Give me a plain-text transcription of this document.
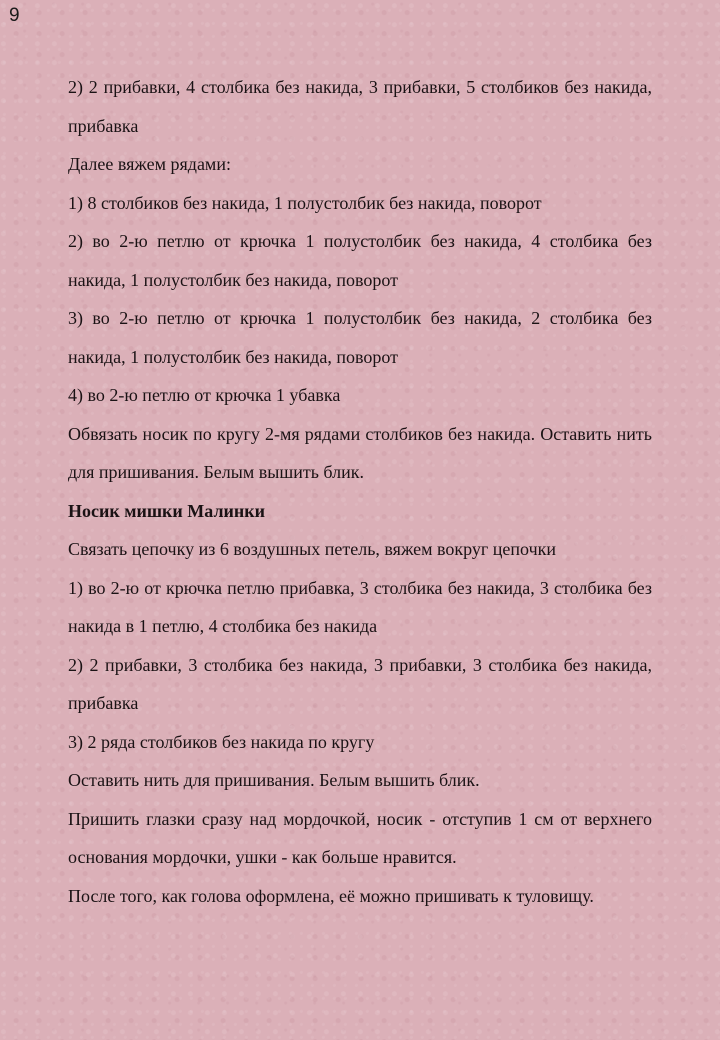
9

2) 2 прибавки, 4 столбика без накида, 3 прибавки, 5 столбиков без накида, прибавка

Далее вяжем рядами:

1) 8 столбиков без накида, 1 полустолбик без накида, поворот

2) во 2-ю петлю от крючка 1 полустолбик без накида, 4 столбика без накида, 1 полустолбик без накида, поворот

3) во 2-ю петлю от крючка 1 полустолбик без накида, 2 столбика без накида, 1 полустолбик без накида, поворот

4) во 2-ю петлю от крючка 1 убавка

Обвязать носик по кругу 2-мя рядами столбиков без накида. Оставить нить для пришивания. Белым вышить блик.

Носик мишки Малинки

Связать цепочку из 6 воздушных петель, вяжем вокруг цепочки

1) во 2-ю от крючка петлю прибавка, 3 столбика без накида, 3 столбика без накида в 1 петлю, 4 столбика без накида

2) 2 прибавки, 3 столбика без накида, 3 прибавки, 3 столбика без накида, прибавка

3) 2 ряда столбиков без накида по кругу

Оставить нить для пришивания. Белым вышить блик.

Пришить глазки сразу над мордочкой, носик - отступив 1 см от верхнего основания мордочки, ушки - как больше нравится.

После того, как голова оформлена, её можно пришивать к туловищу.
